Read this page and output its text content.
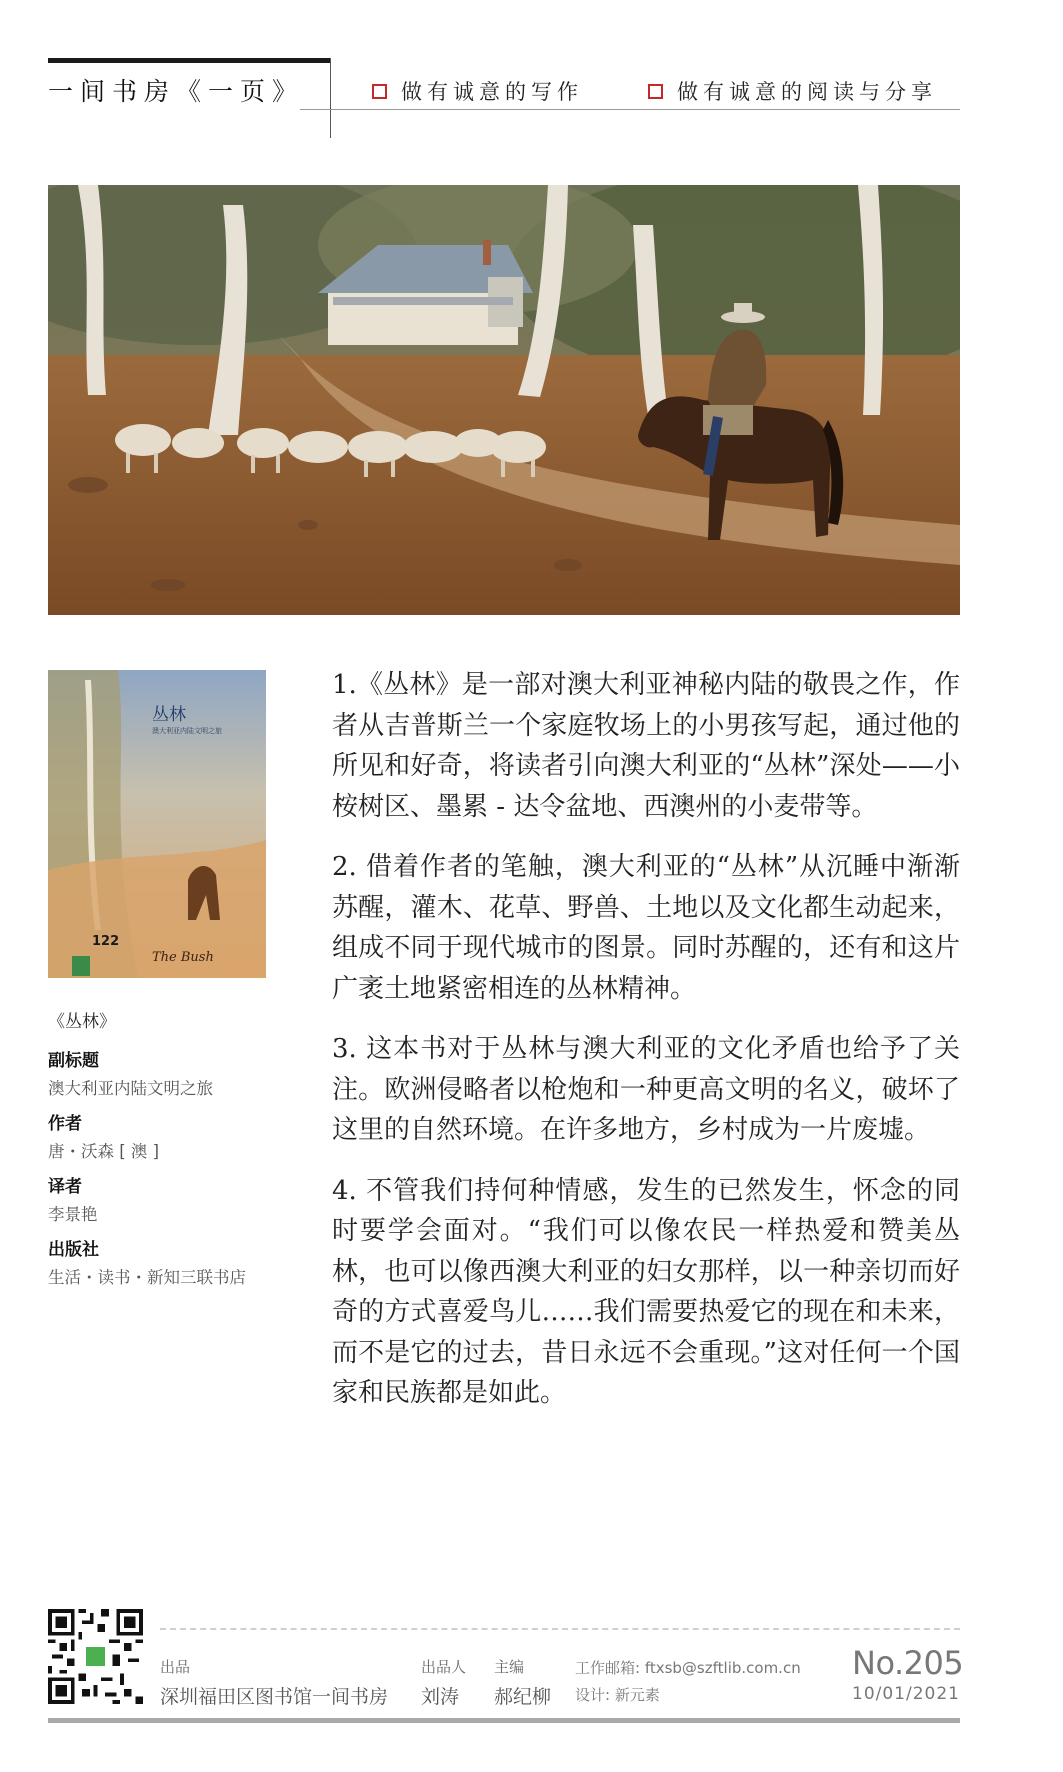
一间书房《一页》	做有诚意的写作	做有诚意的阅读与分享
丛林
澳大利亚内陆文明之旅
122
The Bush
《丛林》
副标题
澳大利亚内陆文明之旅
作者
唐・沃森 [ 澳 ]
译者
李景艳
出版社
生活・读书・新知三联书店

1.《丛林》是一部对澳大利亚神秘内陆的敬畏之作，作者从吉普斯兰一个家庭牧场上的小男孩写起，通过他的所见和好奇，将读者引向澳大利亚的“丛林”深处——小桉树区、墨累 - 达令盆地、西澳州的小麦带等。

2. 借着作者的笔触，澳大利亚的“丛林”从沉睡中渐渐苏醒，灌木、花草、野兽、土地以及文化都生动起来，组成不同于现代城市的图景。同时苏醒的，还有和这片广袤土地紧密相连的丛林精神。

3. 这本书对于丛林与澳大利亚的文化矛盾也给予了关注。欧洲侵略者以枪炮和一种更高文明的名义，破坏了这里的自然环境。在许多地方，乡村成为一片废墟。

4. 不管我们持何种情感，发生的已然发生，怀念的同时要学会面对。“我们可以像农民一样热爱和赞美丛林，也可以像西澳大利亚的妇女那样，以一种亲切而好奇的方式喜爱鸟儿……我们需要热爱它的现在和未来，而不是它的过去，昔日永远不会重现。”这对任何一个国家和民族都是如此。

出品
深圳福田区图书馆一间书房
出品人
刘涛
主编
郝纪柳
工作邮箱: ftxsb@szftlib.com.cn
设计: 新元素
No.205
10/01/2021
